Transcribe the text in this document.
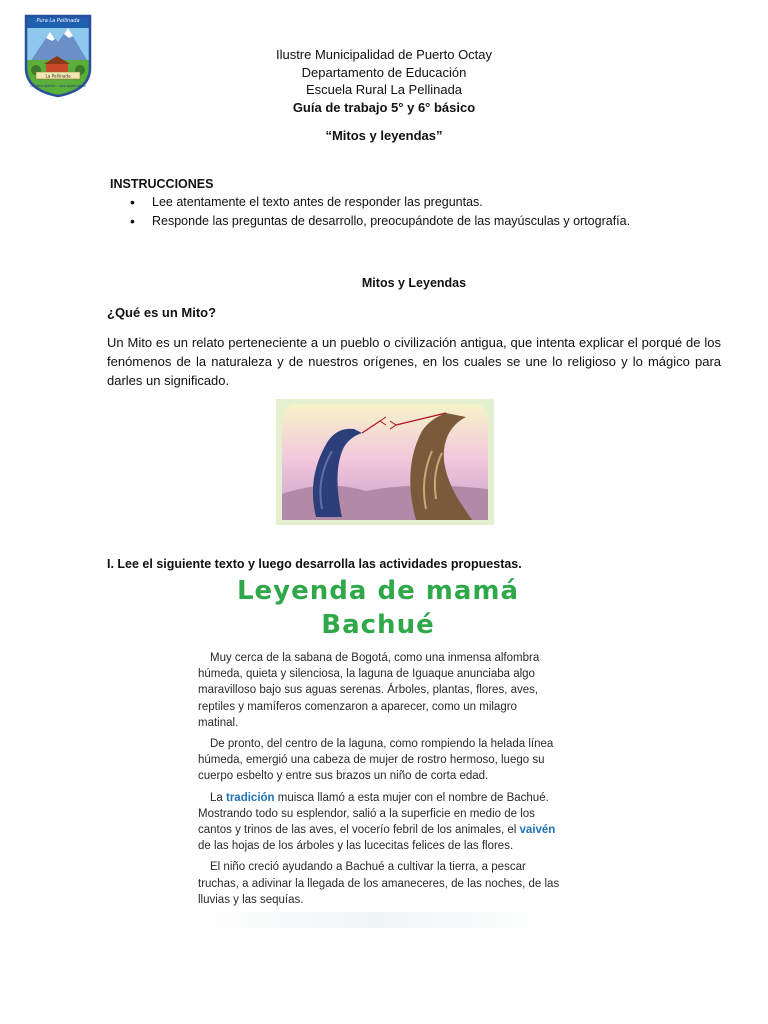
Pura La Pellinada
La Pellinada
Un libro abierto... una oportunidad
Ilustre Municipalidad de Puerto Octay
Departamento de Educación
Escuela Rural La Pellinada
Guía de trabajo 5° y 6° básico
“Mitos y leyendas”
INSTRUCCIONES
• Lee atentamente el texto antes de responder las preguntas.
• Responde las preguntas de desarrollo, preocupándote de las mayúsculas y ortografía.
Mitos y Leyendas
¿Qué es un Mito?
Un Mito es un relato perteneciente a un pueblo o civilización antigua, que intenta explicar el porqué de los fenómenos de la naturaleza y de nuestros orígenes, en los cuales se une lo religioso y lo mágico para darles un significado.
I. Lee el siguiente texto y luego desarrolla las actividades propuestas.
Leyenda de mamá
Bachué

Muy cerca de la sabana de Bogotá, como una inmensa alfombra húmeda, quieta y silenciosa, la laguna de Iguaque anunciaba algo maravilloso bajo sus aguas serenas. Árboles, plantas, flores, aves, reptiles y mamíferos comenzaron a aparecer, como un milagro matinal.

De pronto, del centro de la laguna, como rompiendo la helada línea húmeda, emergió una cabeza de mujer de rostro hermoso, luego su cuerpo esbelto y entre sus brazos un niño de corta edad.

La tradición muisca llamó a esta mujer con el nombre de Bachué. Mostrando todo su esplendor, salió a la superficie en medio de los cantos y trinos de las aves, el vocerío febril de los animales, el vaivén de las hojas de los árboles y las lucecitas felices de las flores.

El niño creció ayudando a Bachué a cultivar la tierra, a pescar truchas, a adivinar la llegada de los amaneceres, de las noches, de las lluvias y las sequías.
